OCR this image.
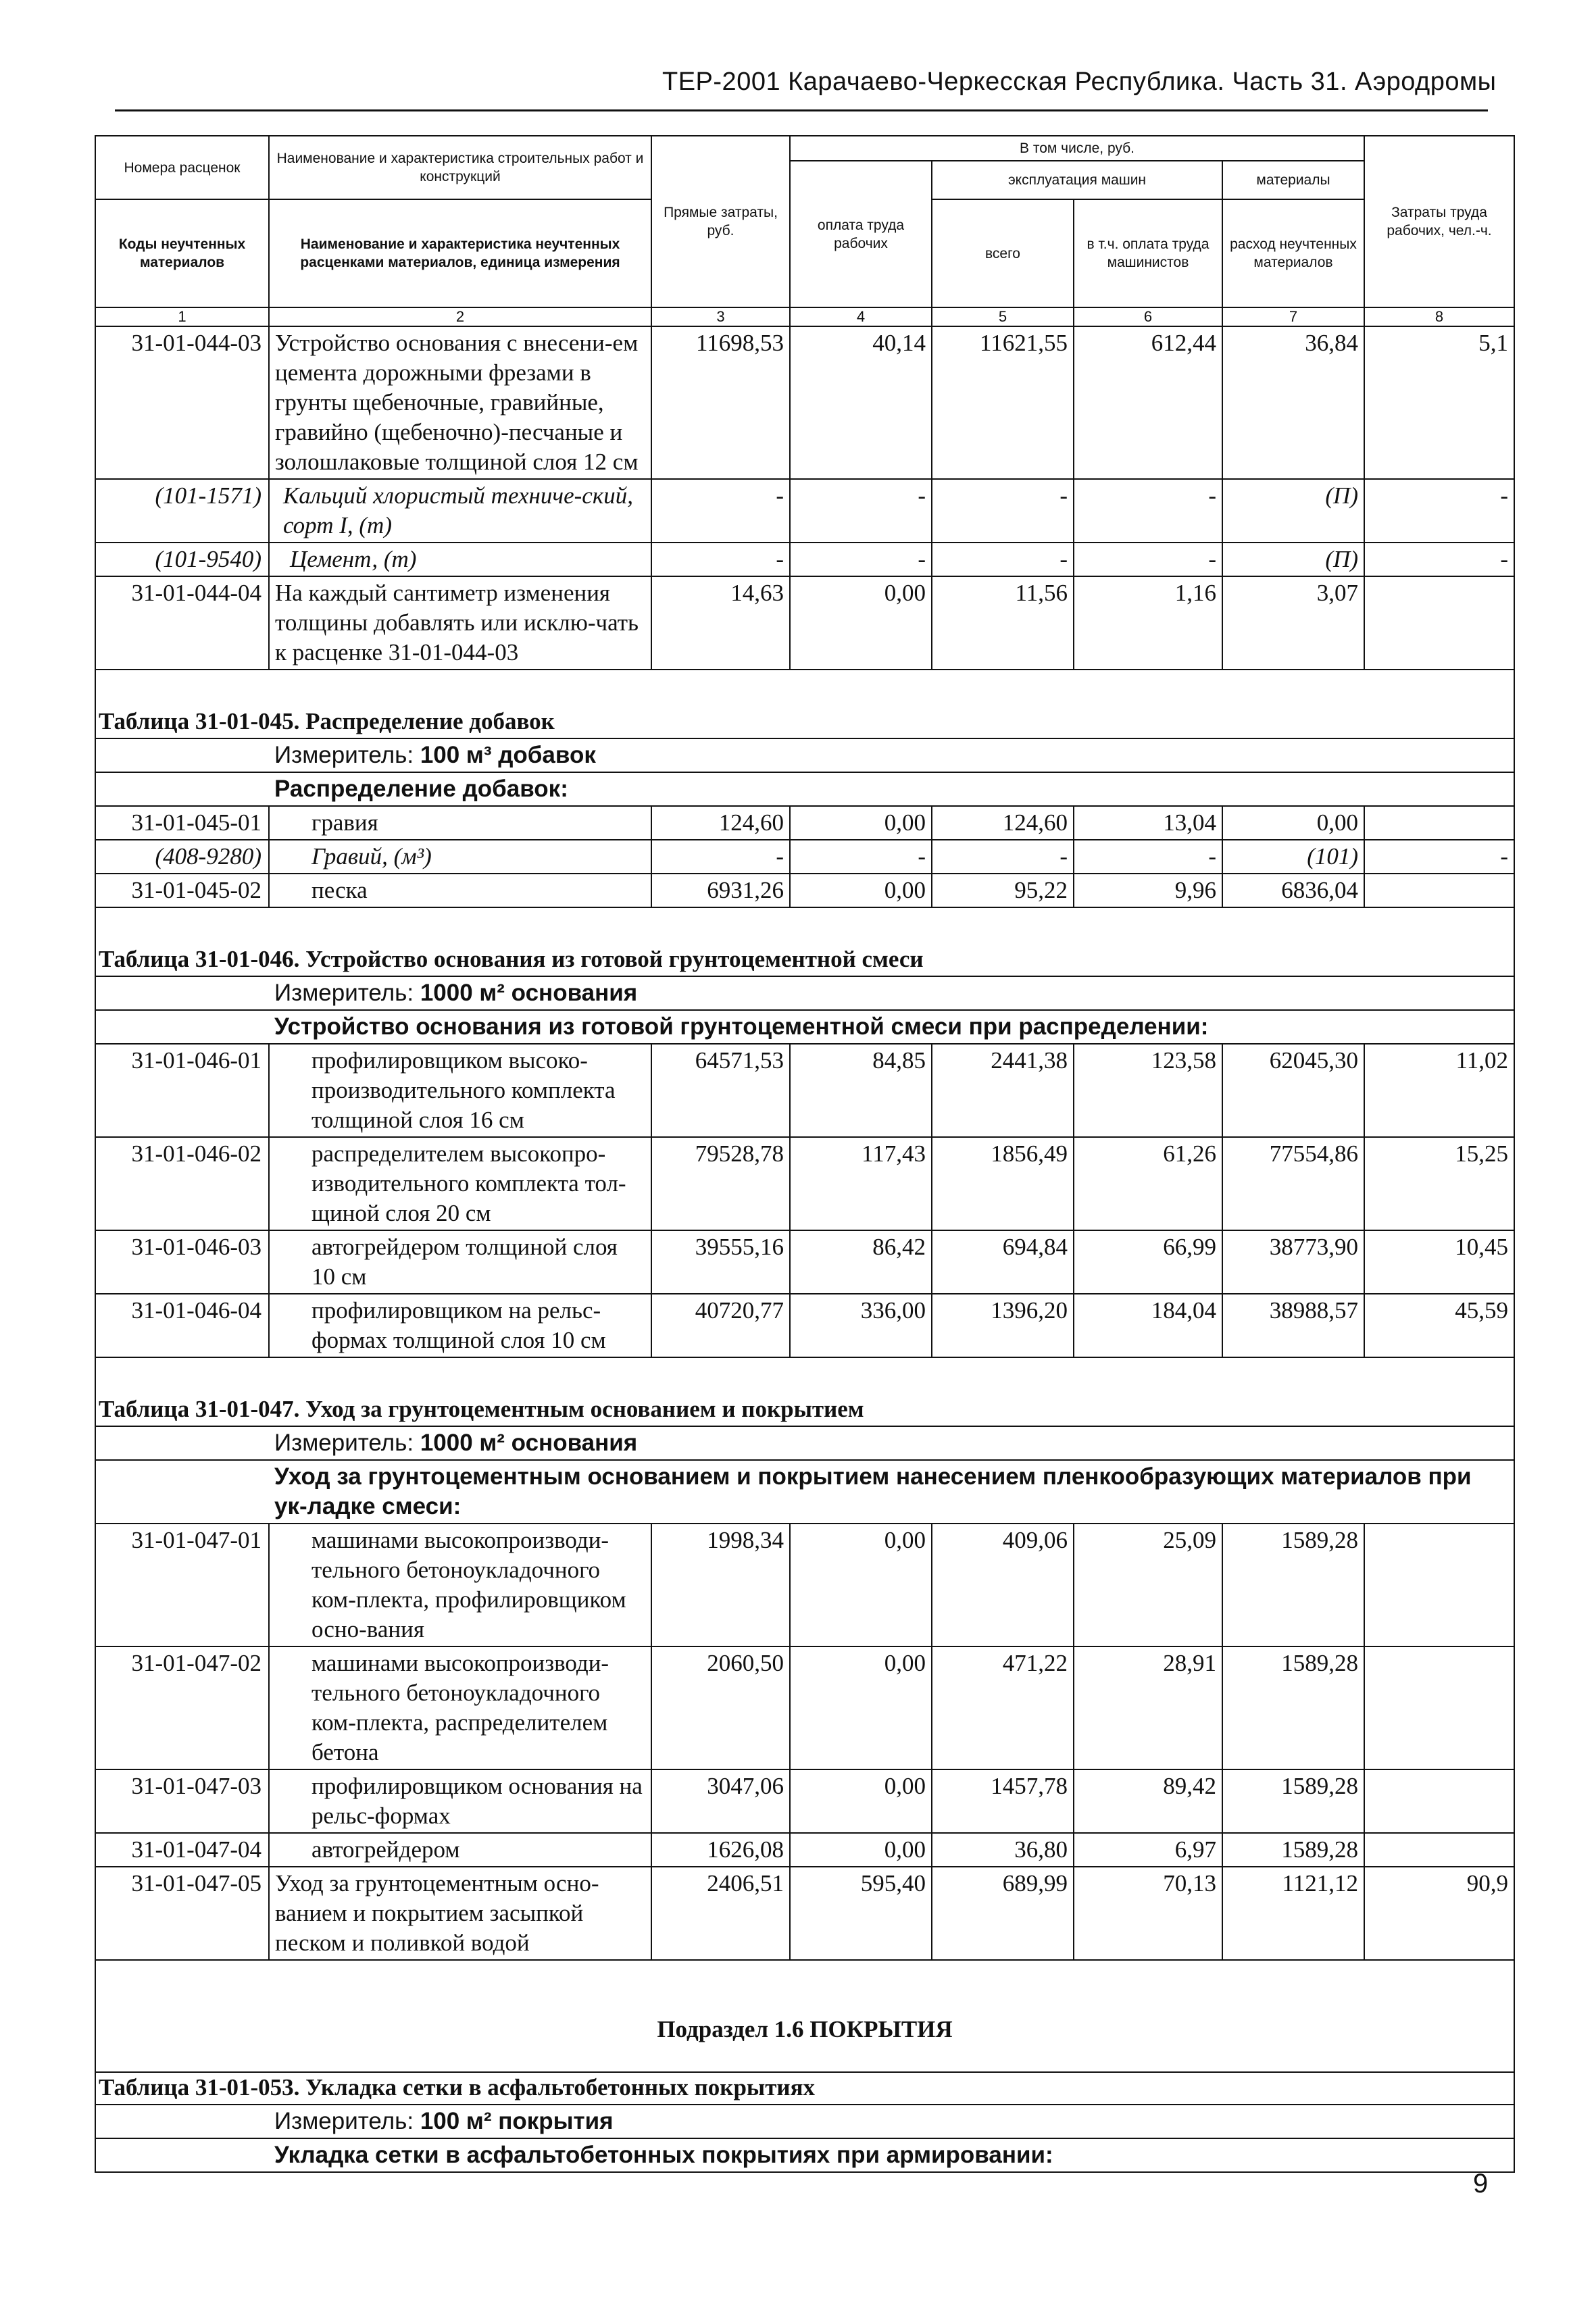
ТЕР-2001 Карачаево-Черкесская Республика. Часть 31. Аэродромы
Номера расценок	Наименование и характеристика строительных работ и конструкций	Прямые затраты, руб.	В том числе, руб.				Затраты труда рабочих, чел.-ч.
			оплата труда рабочих	эксплуатация машин		материалы	
Коды неучтенных материалов	Наименование и характеристика неучтенных расценками материалов, единица измерения			всего	в т.ч. оплата труда машинистов	расход неучтенных материалов	

1	2	3	4	5	6	7	8
31-01-044-03	Устройство основания с внесени-ем цемента дорожными фрезами в грунты щебеночные, гравийные, гравийно (щебеночно)-песчаные и золошлаковые толщиной слоя 12 см	11698,53	40,14	11621,55	612,44	36,84	5,1
(101-1571)	Кальций хлористый техниче-ский, сорт I, (т)	-	-	-	-	(П)	-
(101-9540)	Цемент, (т)	-	-	-	-	(П)	-
31-01-044-04	На каждый сантиметр изменения толщины добавлять или исклю-чать к расценке 31-01-044-03	14,63	0,00	11,56	1,16	3,07	
Таблица 31-01-045. Распределение добавок							
	Измеритель: 100 м³ добавок						
	Распределение добавок:						
31-01-045-01	гравия	124,60	0,00	124,60	13,04	0,00	
(408-9280)	Гравий, (м³)	-	-	-	-	(101)	-
31-01-045-02	песка	6931,26	0,00	95,22	9,96	6836,04	
Таблица 31-01-046. Устройство основания из готовой грунтоцементной смеси							
	Измеритель: 1000 м² основания						
	Устройство основания из готовой грунтоцементной смеси при распределении:						
31-01-046-01	профилировщиком высоко-производительного комплекта толщиной слоя 16 см	64571,53	84,85	2441,38	123,58	62045,30	11,02
31-01-046-02	распределителем высокопро-изводительного комплекта тол-щиной слоя 20 см	79528,78	117,43	1856,49	61,26	77554,86	15,25
31-01-046-03	автогрейдером толщиной слоя 10 см	39555,16	86,42	694,84	66,99	38773,90	10,45
31-01-046-04	профилировщиком на рельс-формах толщиной слоя 10 см	40720,77	336,00	1396,20	184,04	38988,57	45,59
Таблица 31-01-047. Уход за грунтоцементным основанием и покрытием							
	Измеритель: 1000 м² основания						
	Уход за грунтоцементным основанием и покрытием нанесением пленкообразующих материалов при ук-ладке смеси:						
31-01-047-01	машинами высокопроизводи-тельного бетоноукладочного ком-плекта, профилировщиком осно-вания	1998,34	0,00	409,06	25,09	1589,28	
31-01-047-02	машинами высокопроизводи-тельного бетоноукладочного ком-плекта, распределителем бетона	2060,50	0,00	471,22	28,91	1589,28	
31-01-047-03	профилировщиком основания на рельс-формах	3047,06	0,00	1457,78	89,42	1589,28	
31-01-047-04	автогрейдером	1626,08	0,00	36,80	6,97	1589,28	
31-01-047-05	Уход за грунтоцементным осно-ванием и покрытием засыпкой песком и поливкой водой	2406,51	595,40	689,99	70,13	1121,12	90,9
Подраздел 1.6 ПОКРЫТИЯ							
Таблица 31-01-053. Укладка сетки в асфальтобетонных покрытиях							
	Измеритель: 100 м² покрытия						
	Укладка сетки в асфальтобетонных покрытиях при армировании:						
9
